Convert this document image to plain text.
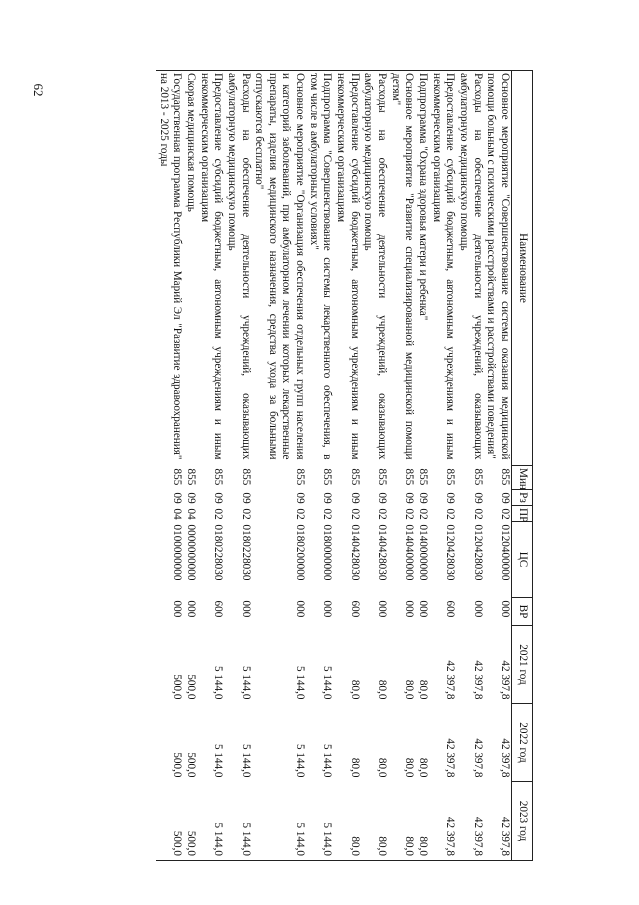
62
Наименование	Мин	Рз	ПР	ЦС	ВР	2021 год	2022 год	2023 год
Основное мероприятие "Совершенствование системы оказания медицинской помощи больным с психическими расстройствами и расстройствами поведения"	855	09	02	0120400000	000	42 397,8	42 397,8	42 397,8
Расходы на обеспечение деятельности учреждений, оказывающих амбулаторную медицинскую помощь	855	09	02	0120428030	000	42 397,8	42 397,8	42 397,8
Предоставление субсидий бюджетным, автономным учреждениям и иным некоммерческим организациям	855	09	02	0120428030	600	42 397,8	42 397,8	42 397,8
Подпрограмма "Охрана здоровья матери и ребенка"	855	09	02	0140000000	000	80,0	80,0	80,0
Основное мероприятие "Развитие специализированной медицинской помощи детям"	855	09	02	0140400000	000	80,0	80,0	80,0
Расходы на обеспечение деятельности учреждений, оказывающих амбулаторную медицинскую помощь	855	09	02	0140428030	000	80,0	80,0	80,0
Предоставление субсидий бюджетным, автономным учреждениям и иным некоммерческим организациям	855	09	02	0140428030	600	80,0	80,0	80,0
Подпрограмма "Совершенствование системы лекарственного обеспечения, в том числе в амбулаторных условиях"	855	09	02	0180000000	000	5 144,0	5 144,0	5 144,0
Основное мероприятие "Организация обеспечения отдельных групп населения и категорий заболеваний, при амбулаторном лечении которых лекарственные препараты, изделия медицинского назначения, средства ухода за больными отпускаются бесплатно"	855	09	02	0180200000	000	5 144,0	5 144,0	5 144,0
Расходы на обеспечение деятельности учреждений, оказывающих амбулаторную медицинскую помощь	855	09	02	0180228030	000	5 144,0	5 144,0	5 144,0
Предоставление субсидий бюджетным, автономным учреждениям и иным некоммерческим организациям	855	09	02	0180228030	600	5 144,0	5 144,0	5 144,0
Скорая медицинская помощь	855	09	04	0000000000	000	500,0	500,0	500,0
Государственная программа Республики Марий Эл "Развитие здравоохранения" на 2013 - 2025 годы	855	09	04	0100000000	000	500,0	500,0	500,0
